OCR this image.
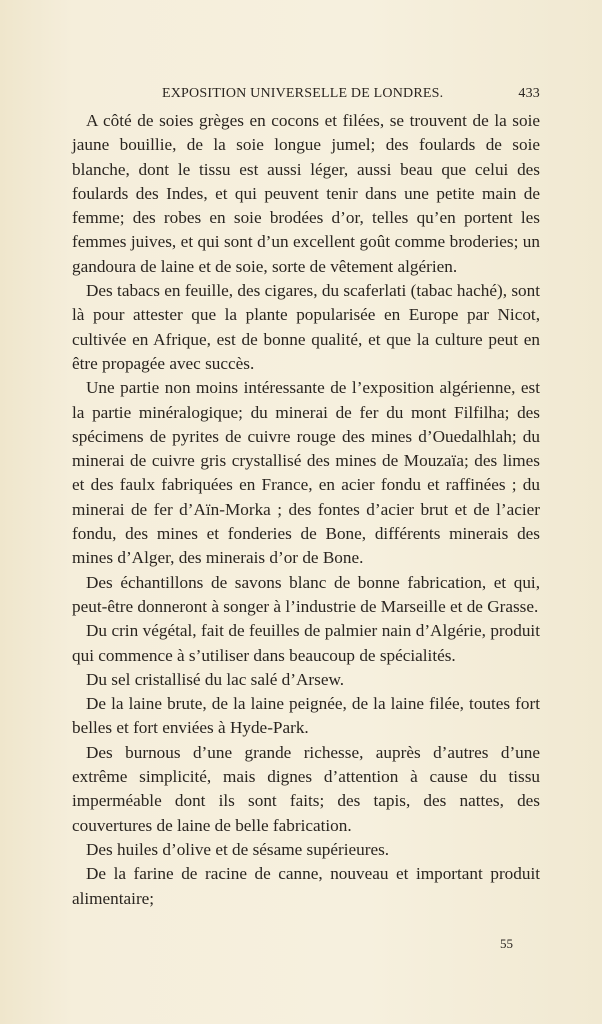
EXPOSITION UNIVERSELLE DE LONDRES.	433

A côté de soies grèges en cocons et filées, se trouvent de la soie jaune bouillie, de la soie longue jumel; des foulards de soie blanche, dont le tissu est aussi léger, aussi beau que celui des foulards des Indes, et qui peuvent tenir dans une petite main de femme; des robes en soie brodées d’or, telles qu’en portent les femmes juives, et qui sont d’un excellent goût comme broderies; un gandoura de laine et de soie, sorte de vêtement algérien.

Des tabacs en feuille, des cigares, du scaferlati (tabac haché), sont là pour attester que la plante popularisée en Europe par Nicot, cultivée en Afrique, est de bonne qualité, et que la culture peut en être propagée avec succès.

Une partie non moins intéressante de l’exposition algérienne, est la partie minéralogique; du minerai de fer du mont Filfilha; des spécimens de pyrites de cuivre rouge des mines d’Ouedalhlah; du minerai de cuivre gris crystallisé des mines de Mouzaïa; des limes et des faulx fabriquées en France, en acier fondu et raffinées ; du minerai de fer d’Aïn-Morka ; des fontes d’acier brut et de l’acier fondu, des mines et fonderies de Bone, différents minerais des mines d’Alger, des minerais d’or de Bone.

Des échantillons de savons blanc de bonne fabrication, et qui, peut-être donneront à songer à l’industrie de Marseille et de Grasse.

Du crin végétal, fait de feuilles de palmier nain d’Algérie, produit qui commence à s’utiliser dans beaucoup de spécialités.

Du sel cristallisé du lac salé d’Arsew.

De la laine brute, de la laine peignée, de la laine filée, toutes fort belles et fort enviées à Hyde-Park.

Des burnous d’une grande richesse, auprès d’autres d’une extrême simplicité, mais dignes d’attention à cause du tissu imperméable dont ils sont faits; des tapis, des nattes, des couvertures de laine de belle fabrication.

Des huiles d’olive et de sésame supérieures.

De la farine de racine de canne, nouveau et important produit alimentaire;

55
